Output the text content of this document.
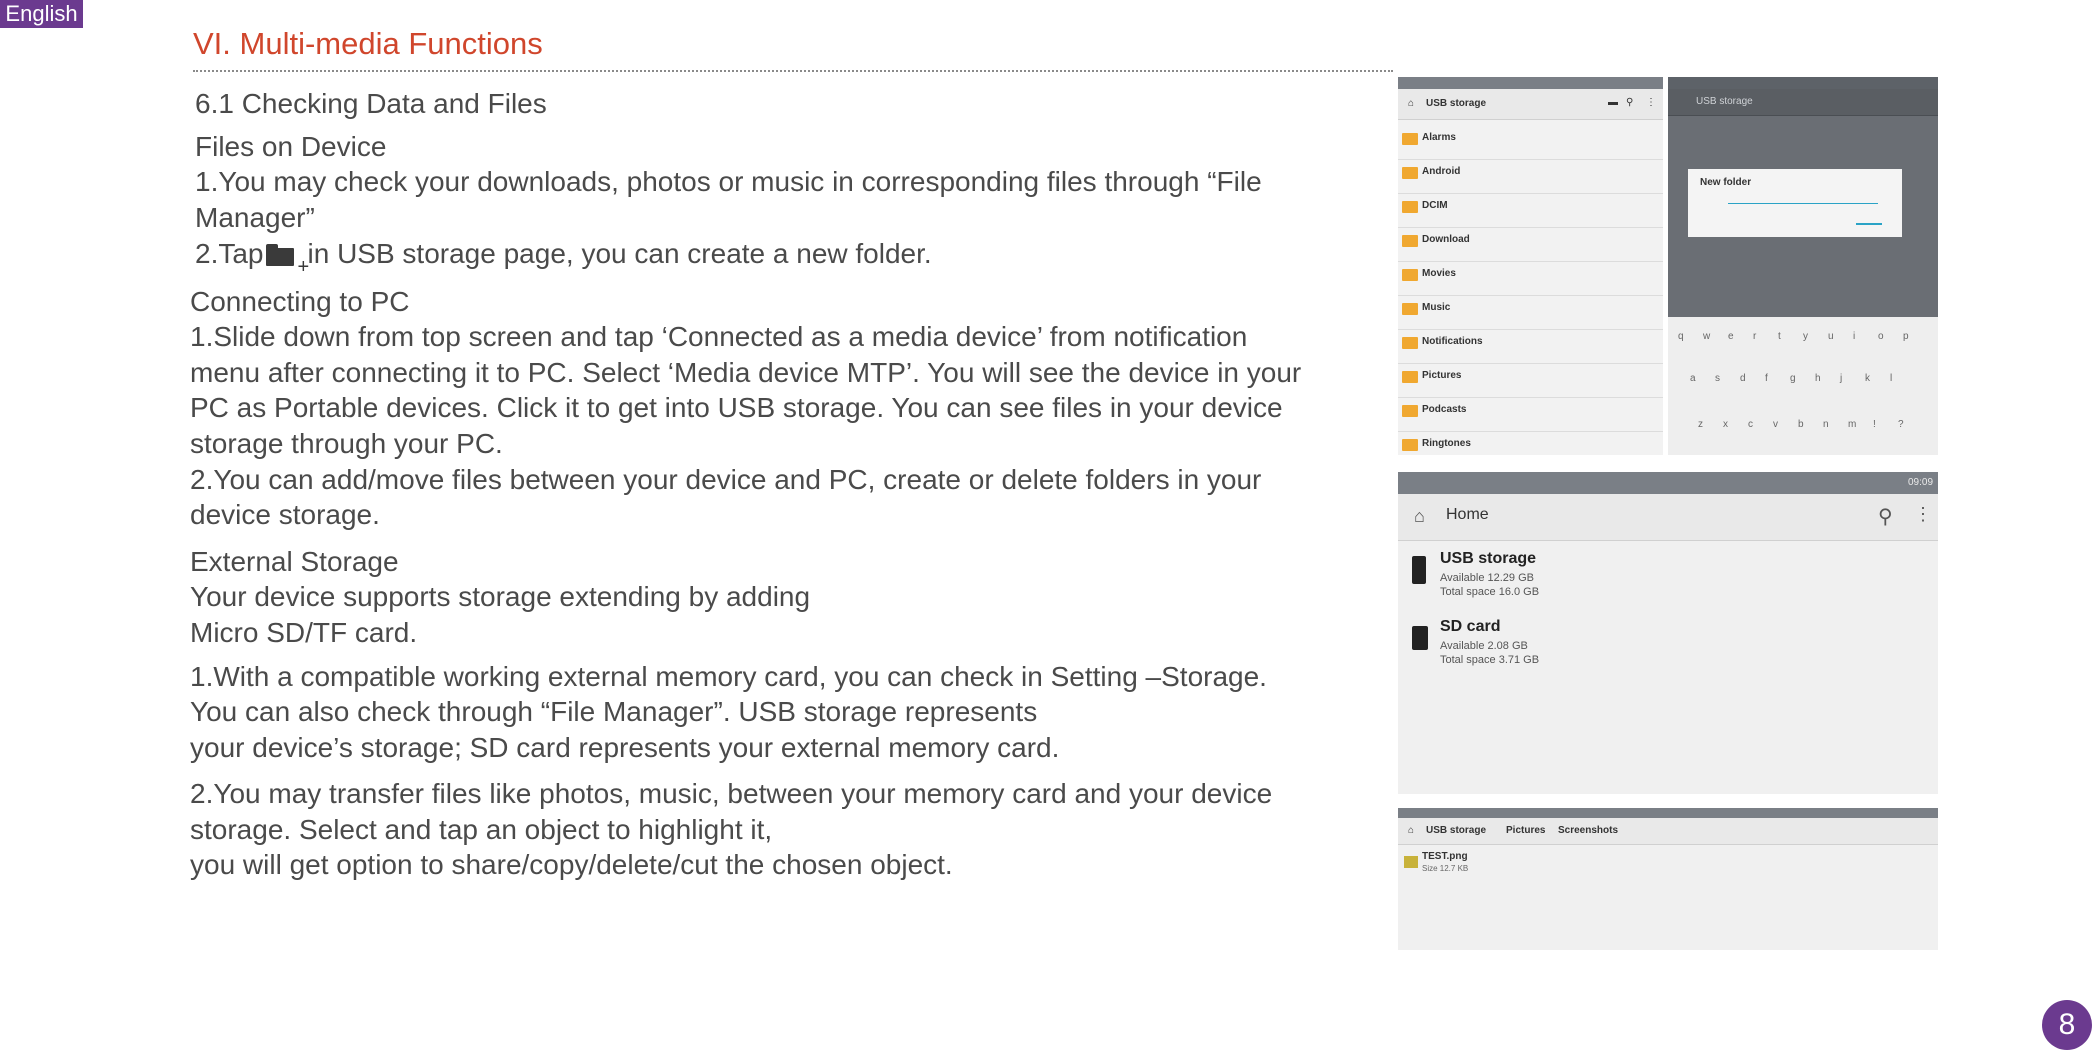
English
VI. Multi-media Functions
6.1 Checking Data and Files
Files on Device
1.You may check your downloads, photos or music in corresponding files through “File
Manager”
2.Tap +
in USB storage page, you can create a new folder.
Connecting to PC
1.Slide down from top screen and tap ‘Connected as a media device’ from notification
menu after connecting it to PC. Select ‘Media device MTP’. You will see the device in your
PC as Portable devices. Click it to get into USB storage. You can see files in your device
storage through your PC.
2.You can add/move files between your device and PC, create or delete folders in your
device storage.
External Storage
Your device supports storage extending by adding
Micro SD/TF card.
1.With a compatible working external memory card, you can check in Setting –Storage.
You can also check through “File Manager”. USB storage represents
your device’s storage; SD card represents your external memory card.
2.You may transfer files like photos, music, between your memory card and your device
storage. Select and tap an object to highlight it,
you will get option to share/copy/delete/cut the chosen object.
⌂ USB storage	▬ ⚲ ⋮
Alarms
Android
DCIM
Download
Movies
Music
Notifications
Pictures
Podcasts
Ringtones
USB storage
New folder
q w e r t y u i o p
a s d f g h j k l
z x c v b n m ! ?
09:09
⌂ Home	⚲ ⋮
USB storage
Available 12.29 GB
Total space 16.0 GB
SD card
Available 2.08 GB
Total space 3.71 GB
⌂ USB storage Pictures Screenshots
TEST.png
Size 12.7 KB
8
